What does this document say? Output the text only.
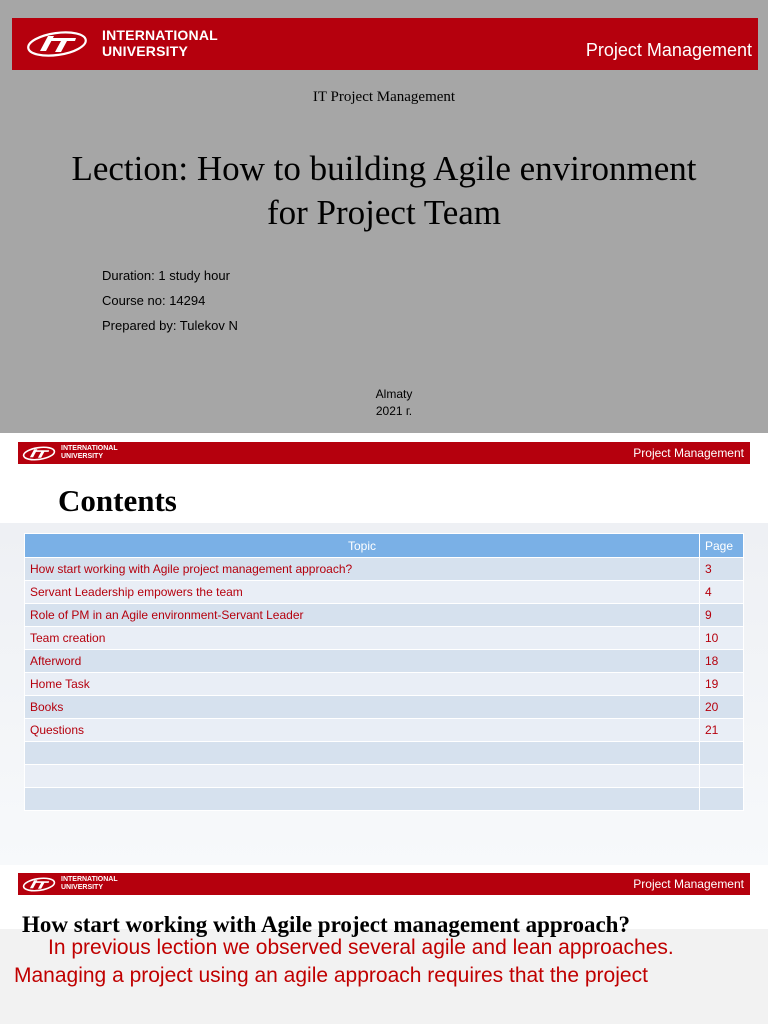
INTERNATIONAL
UNIVERSITY	Project Management
IT Project Management
Lection: How to building Agile environment for Project Team
Duration: 1 study hour
Course no: 14294
Prepared by: Tulekov N
Almaty
2021 г.
INTERNATIONAL
UNIVERSITY	Project Management
Contents
Topic	Page
How start working with Agile project management approach?	3
Servant Leadership empowers the team	4
Role of PM in an Agile environment-Servant Leader	9
Team creation	10
Afterword	18
Home Task	19
Books	20
Questions	21

INTERNATIONAL
UNIVERSITY	Project Management
In previous lection we observed several agile and lean approaches.
Managing a project using an agile approach requires that the project
How start working with Agile project management approach?
